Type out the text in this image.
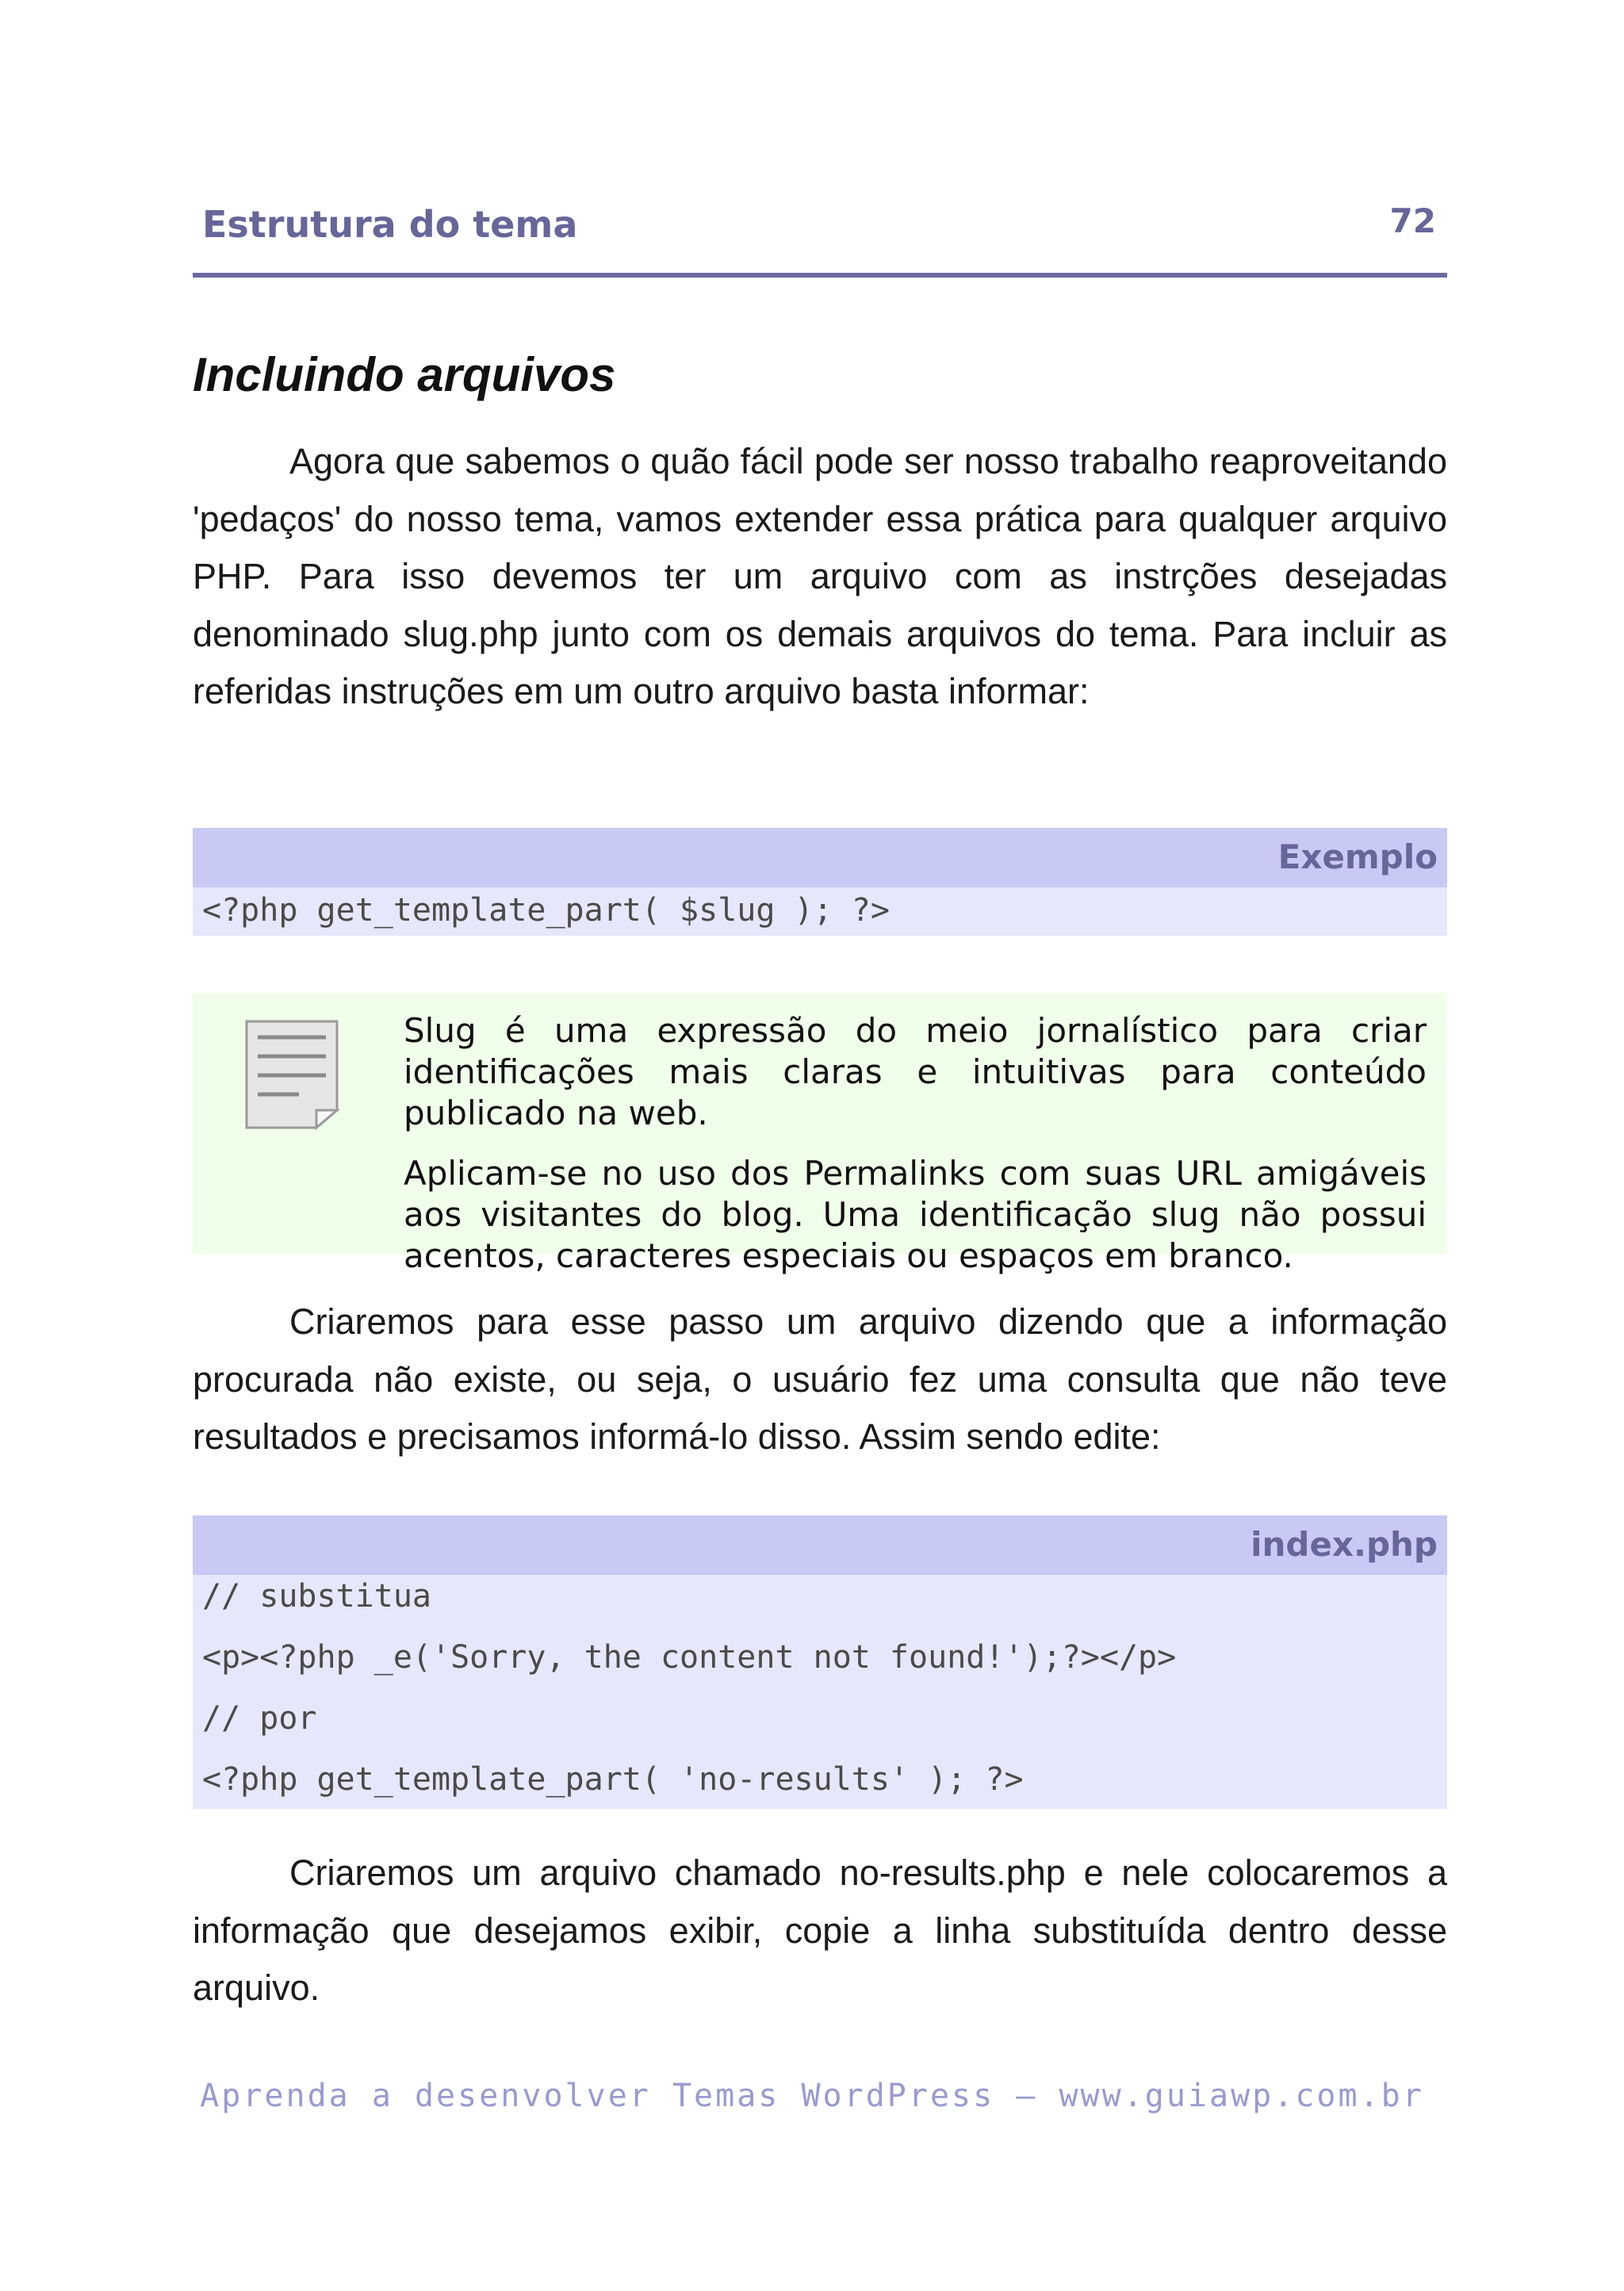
Estrutura do tema	72
Incluindo arquivos

Agora que sabemos o quão fácil pode ser nosso trabalho reaproveitando 'pedaços' do nosso tema, vamos extender essa prática para qualquer arquivo PHP. Para isso devemos ter um arquivo com as instrções desejadas denominado slug.php junto com os demais arquivos do tema. Para incluir as referidas instruções em um outro arquivo basta informar:

Exemplo
<?php get_template_part( $slug ); ?>

Slug é uma expressão do meio jornalístico para criar identificações mais claras e intuitivas para conteúdo publicado na web.

Aplicam-se no uso dos Permalinks com suas URL amigáveis aos visitantes do blog. Uma identificação slug não possui acentos, caracteres especiais ou espaços em branco.

Criaremos para esse passo um arquivo dizendo que a informação procurada não existe, ou seja, o usuário fez uma consulta que não teve resultados e precisamos informá-lo disso. Assim sendo edite:

index.php
// substitua
<p><?php _e('Sorry, the content not found!');?></p>
// por
<?php get_template_part( 'no-results' ); ?>

Criaremos um arquivo chamado no-results.php e nele colocaremos a informação que desejamos exibir, copie a linha substituída dentro desse arquivo.

Aprenda a desenvolver Temas WordPress – www.guiawp.com.br
